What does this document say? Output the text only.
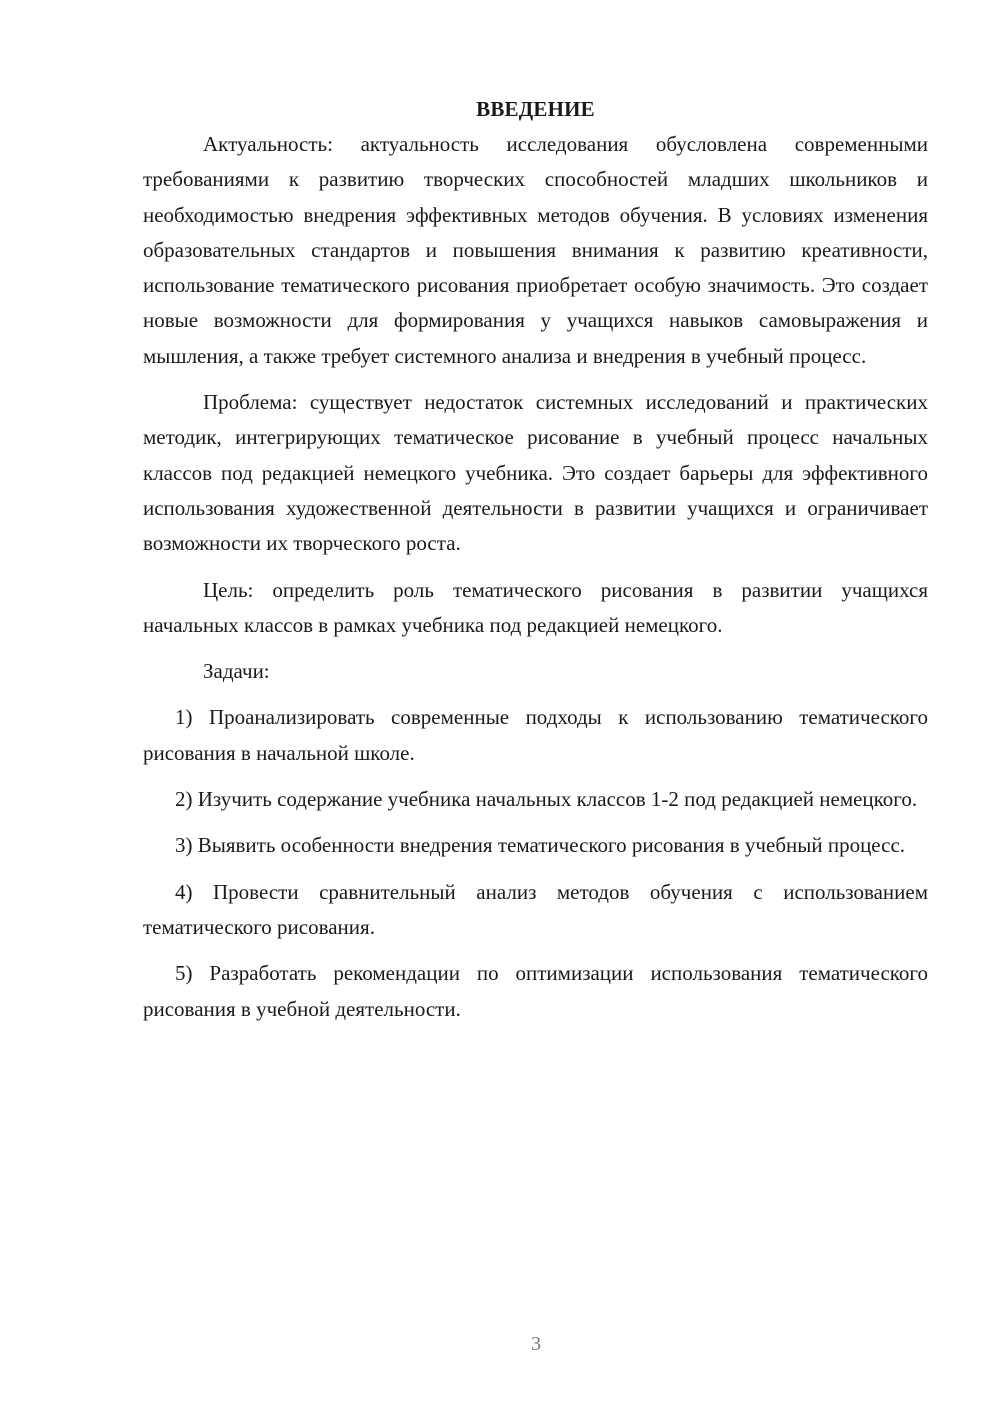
ВВЕДЕНИЕ

Актуальность: актуальность исследования обусловлена современными требованиями к развитию творческих способностей младших школьников и необходимостью внедрения эффективных методов обучения. В условиях изменения образовательных стандартов и повышения внимания к развитию креативности, использование тематического рисования приобретает особую значимость. Это создает новые возможности для формирования у учащихся навыков самовыражения и мышления, а также требует системного анализа и внедрения в учебный процесс.

Проблема: существует недостаток системных исследований и практических методик, интегрирующих тематическое рисование в учебный процесс начальных классов под редакцией немецкого учебника. Это создает барьеры для эффективного использования художественной деятельности в развитии учащихся и ограничивает возможности их творческого роста.

Цель: определить роль тематического рисования в развитии учащихся начальных классов в рамках учебника под редакцией немецкого.

Задачи:

1) Проанализировать современные подходы к использованию тематического рисования в начальной школе.

2) Изучить содержание учебника начальных классов 1-2 под редакцией немецкого.

3) Выявить особенности внедрения тематического рисования в учебный процесс.

4) Провести сравнительный анализ методов обучения с использованием тематического рисования.

5) Разработать рекомендации по оптимизации использования тематического рисования в учебной деятельности.

3
